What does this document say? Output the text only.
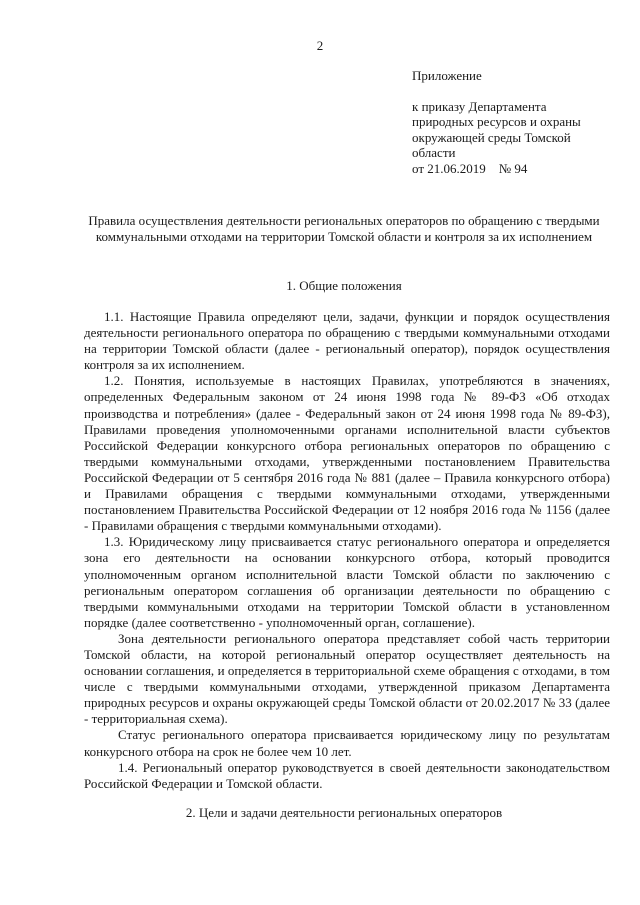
2
Приложение
к приказу Департамента
природных ресурсов и охраны
окружающей среды Томской
области
от 21.06.2019    № 94
Правила осуществления деятельности региональных операторов по обращению с твердыми коммунальными отходами на территории Томской области и контроля за их исполнением
1. Общие положения

1.1. Настоящие Правила определяют цели, задачи, функции и порядок осуществления деятельности регионального оператора по обращению с твердыми коммунальными отходами на территории Томской области (далее - региональный оператор), порядок осуществления контроля за их исполнением.

1.2. Понятия, используемые в настоящих Правилах, употребляются в значениях, определенных Федеральным законом от 24 июня 1998 года № 89-ФЗ «Об отходах производства и потребления» (далее - Федеральный закон от 24 июня 1998 года № 89-ФЗ), Правилами проведения уполномоченными органами исполнительной власти субъектов Российской Федерации конкурсного отбора региональных операторов по обращению с твердыми коммунальными отходами, утвержденными постановлением Правительства Российской Федерации от 5 сентября 2016 года № 881 (далее – Правила конкурсного отбора) и Правилами обращения с твердыми коммунальными отходами, утвержденными постановлением Правительства Российской Федерации от 12 ноября 2016 года № 1156 (далее - Правилами обращения с твердыми коммунальными отходами).

1.3. Юридическому лицу присваивается статус регионального оператора и определяется зона его деятельности на основании конкурсного отбора, который проводится уполномоченным органом исполнительной власти Томской области по заключению с региональным оператором соглашения об организации деятельности по обращению с твердыми коммунальными отходами на территории Томской области в установленном порядке (далее соответственно - уполномоченный орган, соглашение).

Зона деятельности регионального оператора представляет собой часть территории Томской области, на которой региональный оператор осуществляет деятельность на основании соглашения, и определяется в территориальной схеме обращения с отходами, в том числе с твердыми коммунальными отходами, утвержденной приказом Департамента природных ресурсов и охраны окружающей среды Томской области от 20.02.2017 № 33 (далее - территориальная схема).

Статус регионального оператора присваивается юридическому лицу по результатам конкурсного отбора на срок не более чем 10 лет.

1.4. Региональный оператор руководствуется в своей деятельности законодательством Российской Федерации и Томской области.

2. Цели и задачи деятельности региональных операторов
